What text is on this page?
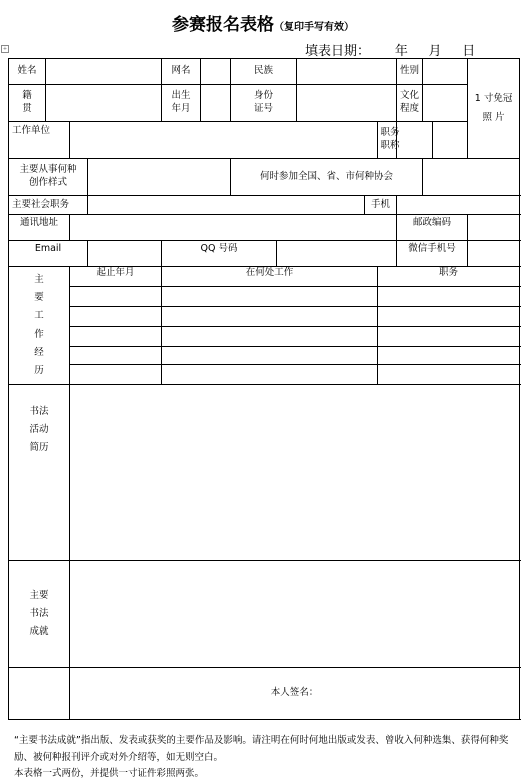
参赛报名表格（复印手写有效）
+	填表日期： 年 月 日
姓名				网名		民族					性别		1 寸免冠照 片

籍贯				出生年月		身份证号					文化程度		

工作单位										职务职称			

主要从事何种创作样式						何时参加全国、省、市何种协会							

主要社会职务									手机				
通讯地址											邮政编码		
Email				QQ 号码							微信手机号		

主要工作经历		起止年月		在何处工作						职务			

书法活动简历													

主要书法成就													

		本人签名：											

“主要书法成就”指出版、发表或获奖的主要作品及影响。请注明在何时何地出版或发表、曾收入何种选集、获得何种奖励、被何种报刊评介或对外介绍等，如无则空白。

本表格一式两份，并提供一寸证件彩照两张。
